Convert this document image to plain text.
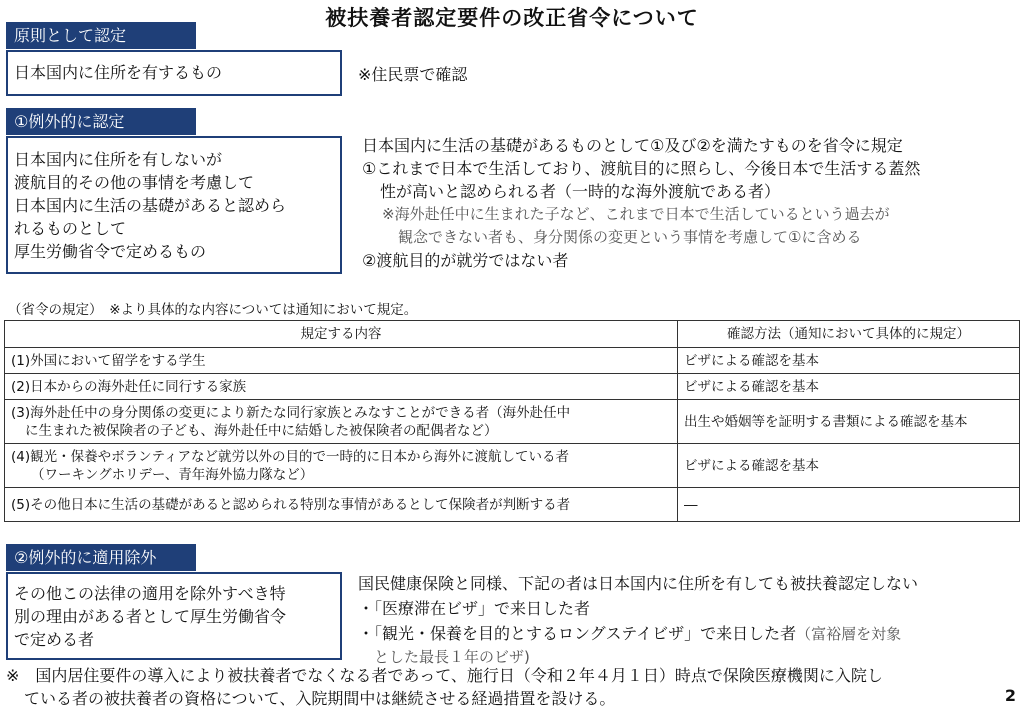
被扶養者認定要件の改正省令について
原則として認定
日本国内に住所を有するもの	※住民票で確認
①例外的に認定
日本国内に住所を有しないが
渡航目的その他の事情を考慮して
日本国内に生活の基礎があると認めら
れるものとして
厚生労働省令で定めるもの
日本国内に生活の基礎があるものとして①及び②を満たすものを省令に規定
①これまで日本で生活しており、渡航目的に照らし、今後日本で生活する蓋然
性が高いと認められる者（一時的な海外渡航である者）
※海外赴任中に生まれた子など、これまで日本で生活しているという過去が
観念できない者も、身分関係の変更という事情を考慮して①に含める
②渡航目的が就労ではない者
（省令の規定）　※より具体的な内容については通知において規定。
規定する内容	確認方法（通知において具体的に規定）

(1)外国において留学をする学生	ビザによる確認を基本

(2)日本からの海外赴任に同行する家族	ビザによる確認を基本

(3)海外赴任中の身分関係の変更により新たな同行家族とみなすことができる者（海外赴任中
に生まれた被保険者の子ども、海外赴任中に結婚した被保険者の配偶者など）	出生や婚姻等を証明する書類による確認を基本

(4)観光・保養やボランティアなど就労以外の目的で一時的に日本から海外に渡航している者
（ワーキングホリデー、青年海外協力隊など）	ビザによる確認を基本

(5)その他日本に生活の基礎があると認められる特別な事情があるとして保険者が判断する者	―
②例外的に適用除外
その他この法律の適用を除外すべき特
別の理由がある者として厚生労働省令
で定める者
国民健康保険と同様、下記の者は日本国内に住所を有しても被扶養認定しない
・「医療滞在ビザ」で来日した者
・「観光・保養を目的とするロングステイビザ」で来日した者（富裕層を対象
とした最長１年のビザ)
※　国内居住要件の導入により被扶養者でなくなる者であって、施行日（令和２年４月１日）時点で保険医療機関に入院し
ている者の被扶養者の資格について、入院期間中は継続させる経過措置を設ける。	2
